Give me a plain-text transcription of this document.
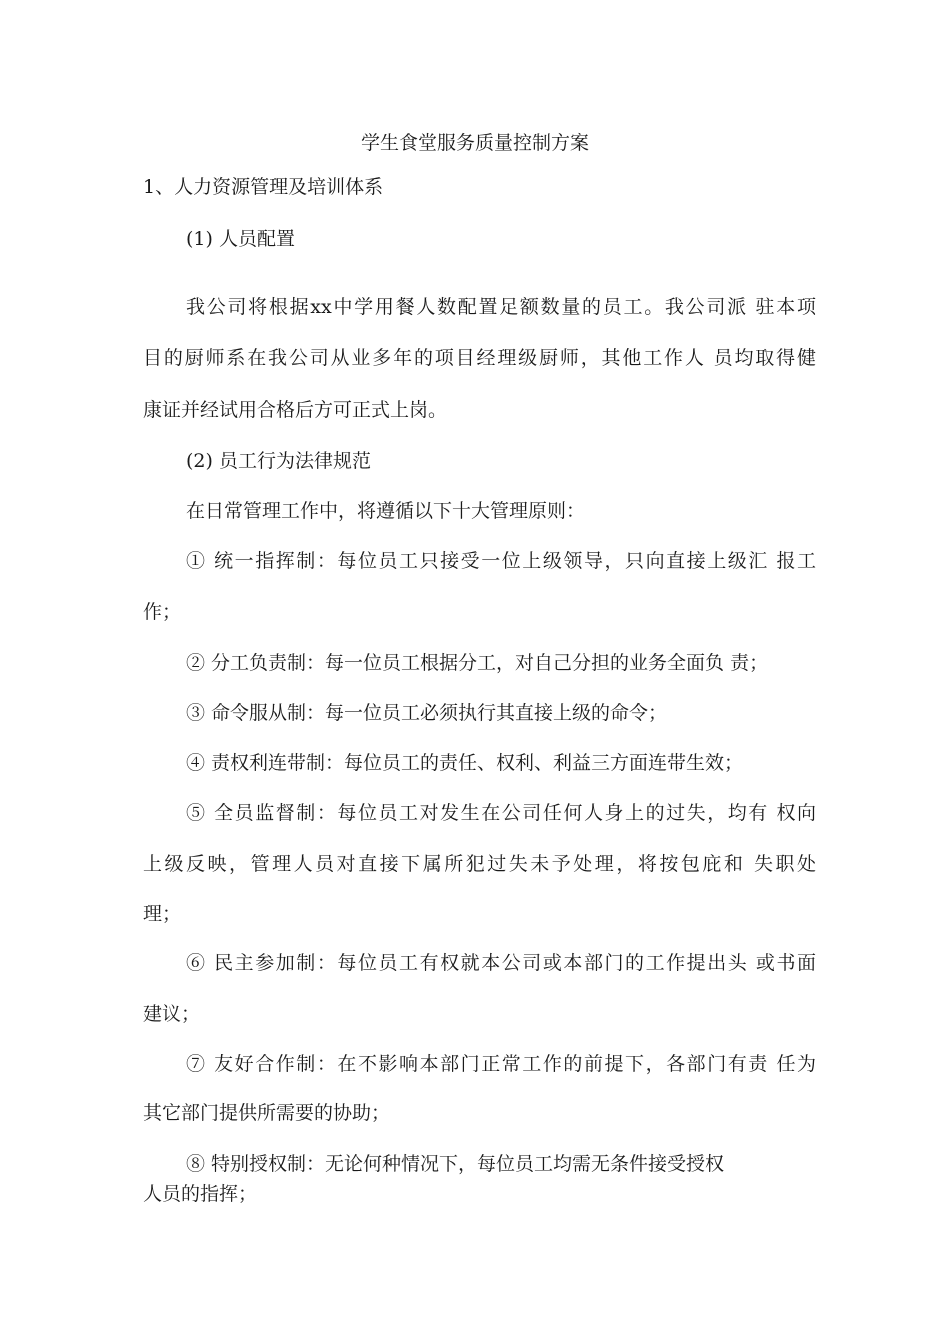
学生食堂服务质量控制方案
1、人力资源管理及培训体系
(1) 人员配置
我公司将根据xx中学用餐人数配置足额数量的员工。我公司派 驻本项
目的厨师系在我公司从业多年的项目经理级厨师，其他工作人 员均取得健
康证并经试用合格后方可正式上岗。
(2) 员工行为法律规范
在日常管理工作中，将遵循以下十大管理原则：
① 统一指挥制：每位员工只接受一位上级领导，只向直接上级汇 报工
作；
② 分工负责制：每一位员工根据分工，对自己分担的业务全面负 责；
③ 命令服从制：每一位员工必须执行其直接上级的命令；
④ 责权利连带制：每位员工的责任、权利、利益三方面连带生效；
⑤ 全员监督制：每位员工对发生在公司任何人身上的过失，均有 权向
上级反映，管理人员对直接下属所犯过失未予处理，将按包庇和 失职处
理；
⑥ 民主参加制：每位员工有权就本公司或本部门的工作提出头 或书面
建议；
⑦ 友好合作制：在不影响本部门正常工作的前提下，各部门有责 任为
其它部门提供所需要的协助；
⑧ 特别授权制：无论何种情况下，每位员工均需无条件接受授权
人员的指挥；
